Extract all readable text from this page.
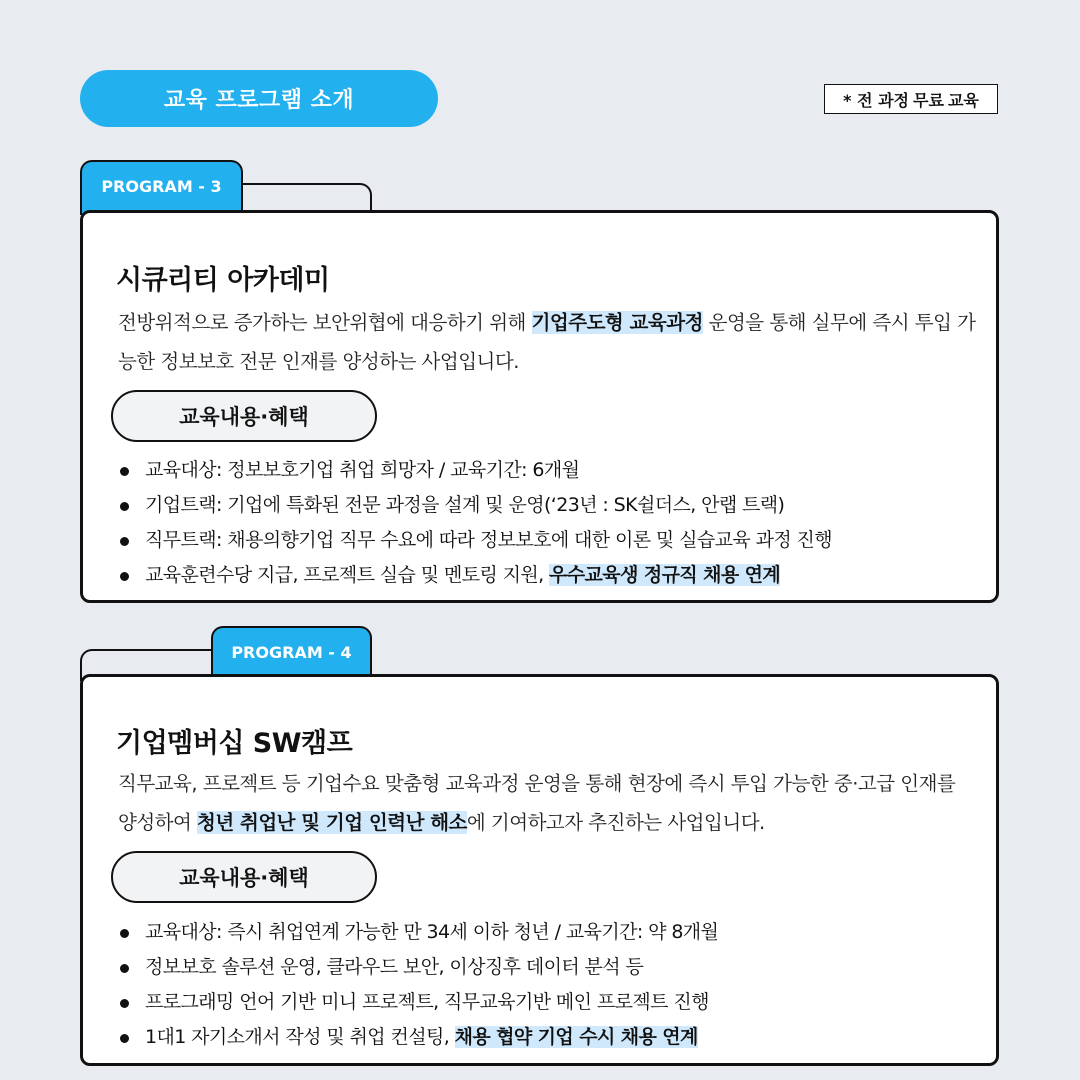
교육 프로그램 소개	* 전 과정 무료 교육
PROGRAM - 3
시큐리티 아카데미
전방위적으로 증가하는 보안위협에 대응하기 위해 기업주도형 교육과정 운영을 통해 실무에 즉시 투입 가능한 정보보호 전문 인재를 양성하는 사업입니다.
교육내용·혜택
교육대상: 정보보호기업 취업 희망자 / 교육기간: 6개월
기업트랙: 기업에 특화된 전문 과정을 설계 및 운영(‘23년 : SK쉴더스, 안랩 트랙)
직무트랙: 채용의향기업 직무 수요에 따라 정보보호에 대한 이론 및 실습교육 과정 진행
교육훈련수당 지급, 프로젝트 실습 및 멘토링 지원, 우수교육생 정규직 채용 연계
PROGRAM - 4
기업멤버십 SW캠프
직무교육, 프로젝트 등 기업수요 맞춤형 교육과정 운영을 통해 현장에 즉시 투입 가능한 중·고급 인재를 양성하여 청년 취업난 및 기업 인력난 해소에 기여하고자 추진하는 사업입니다.
교육내용·혜택
교육대상: 즉시 취업연계 가능한 만 34세 이하 청년 / 교육기간: 약 8개월
정보보호 솔루션 운영, 클라우드 보안, 이상징후 데이터 분석 등
프로그래밍 언어 기반 미니 프로젝트, 직무교육기반 메인 프로젝트 진행
1대1 자기소개서 작성 및 취업 컨설팅, 채용 협약 기업 수시 채용 연계
